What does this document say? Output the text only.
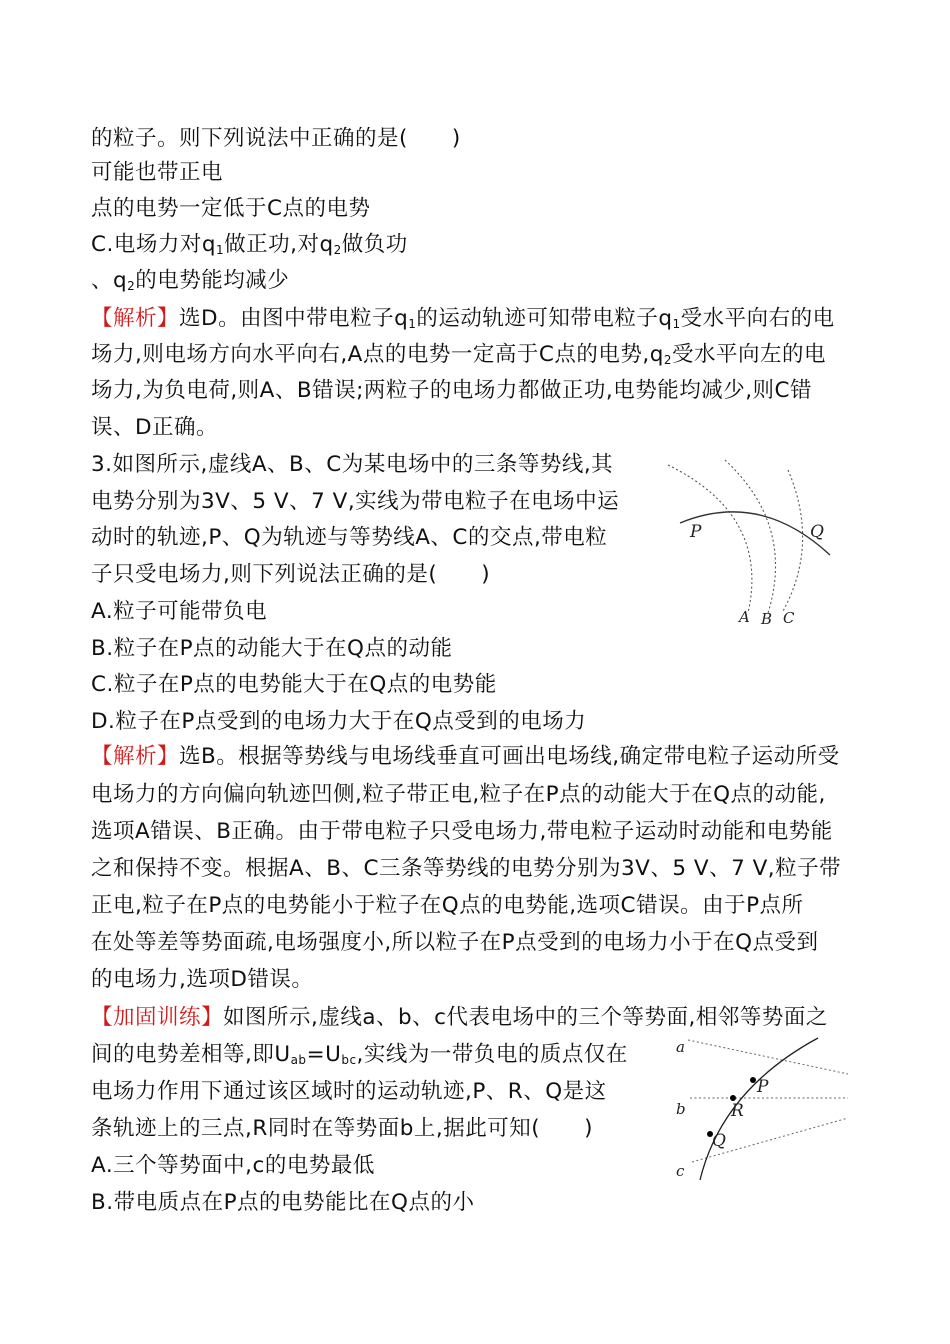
的粒子。则下列说法中正确的是(　　)
可能也带正电
点的电势一定低于C点的电势
C.电场力对$q_1$做正功,对$q_2$做负功
、$q_2$的电势能均减少
【解析】选D。由图中带电粒子$q_1$的运动轨迹可知带电粒子$q_1$受水平向右的电
场力,则电场方向水平向右,A点的电势一定高于C点的电势$,q_2$受水平向左的电
场力,为负电荷,则A、B错误;两粒子的电场力都做正功,电势能均减少,则C错
误、D正确。
3.如图所示,虚线A、B、C为某电场中的三条等势线,其
电势分别为3V、5 V、7 V,实线为带电粒子在电场中运
动时的轨迹,P、Q为轨迹与等势线A、C的交点,带电粒
子只受电场力,则下列说法正确的是(　　)
A.粒子可能带负电
B.粒子在P点的动能大于在Q点的动能
C.粒子在P点的电势能大于在Q点的电势能
D.粒子在P点受到的电场力大于在Q点受到的电场力
【解析】选B。根据等势线与电场线垂直可画出电场线,确定带电粒子运动所受
电场力的方向偏向轨迹凹侧,粒子带正电,粒子在P点的动能大于在Q点的动能,
选项A错误、B正确。由于带电粒子只受电场力,带电粒子运动时动能和电势能
之和保持不变。根据A、B、C三条等势线的电势分别为3V、5 V、7 V,粒子带
正电,粒子在P点的电势能小于粒子在Q点的电势能,选项C错误。由于P点所
在处等差等势面疏,电场强度小,所以粒子在P点受到的电场力小于在Q点受到
的电场力,选项D错误。
【加固训练】如图所示,虚线a、b、c代表电场中的三个等势面,相邻等势面之
间的电势差相等,即$U_{ab}=U_{bc}$,实线为一带负电的质点仅在
电场力作用下通过该区域时的运动轨迹,P、R、Q是这
条轨迹上的三点,R同时在等势面b上,据此可知(　　)
A.三个等势面中,c的电势最低
B.带电质点在P点的电势能比在Q点的小
P	Q
A B C
a
b
c
P
R
Q
